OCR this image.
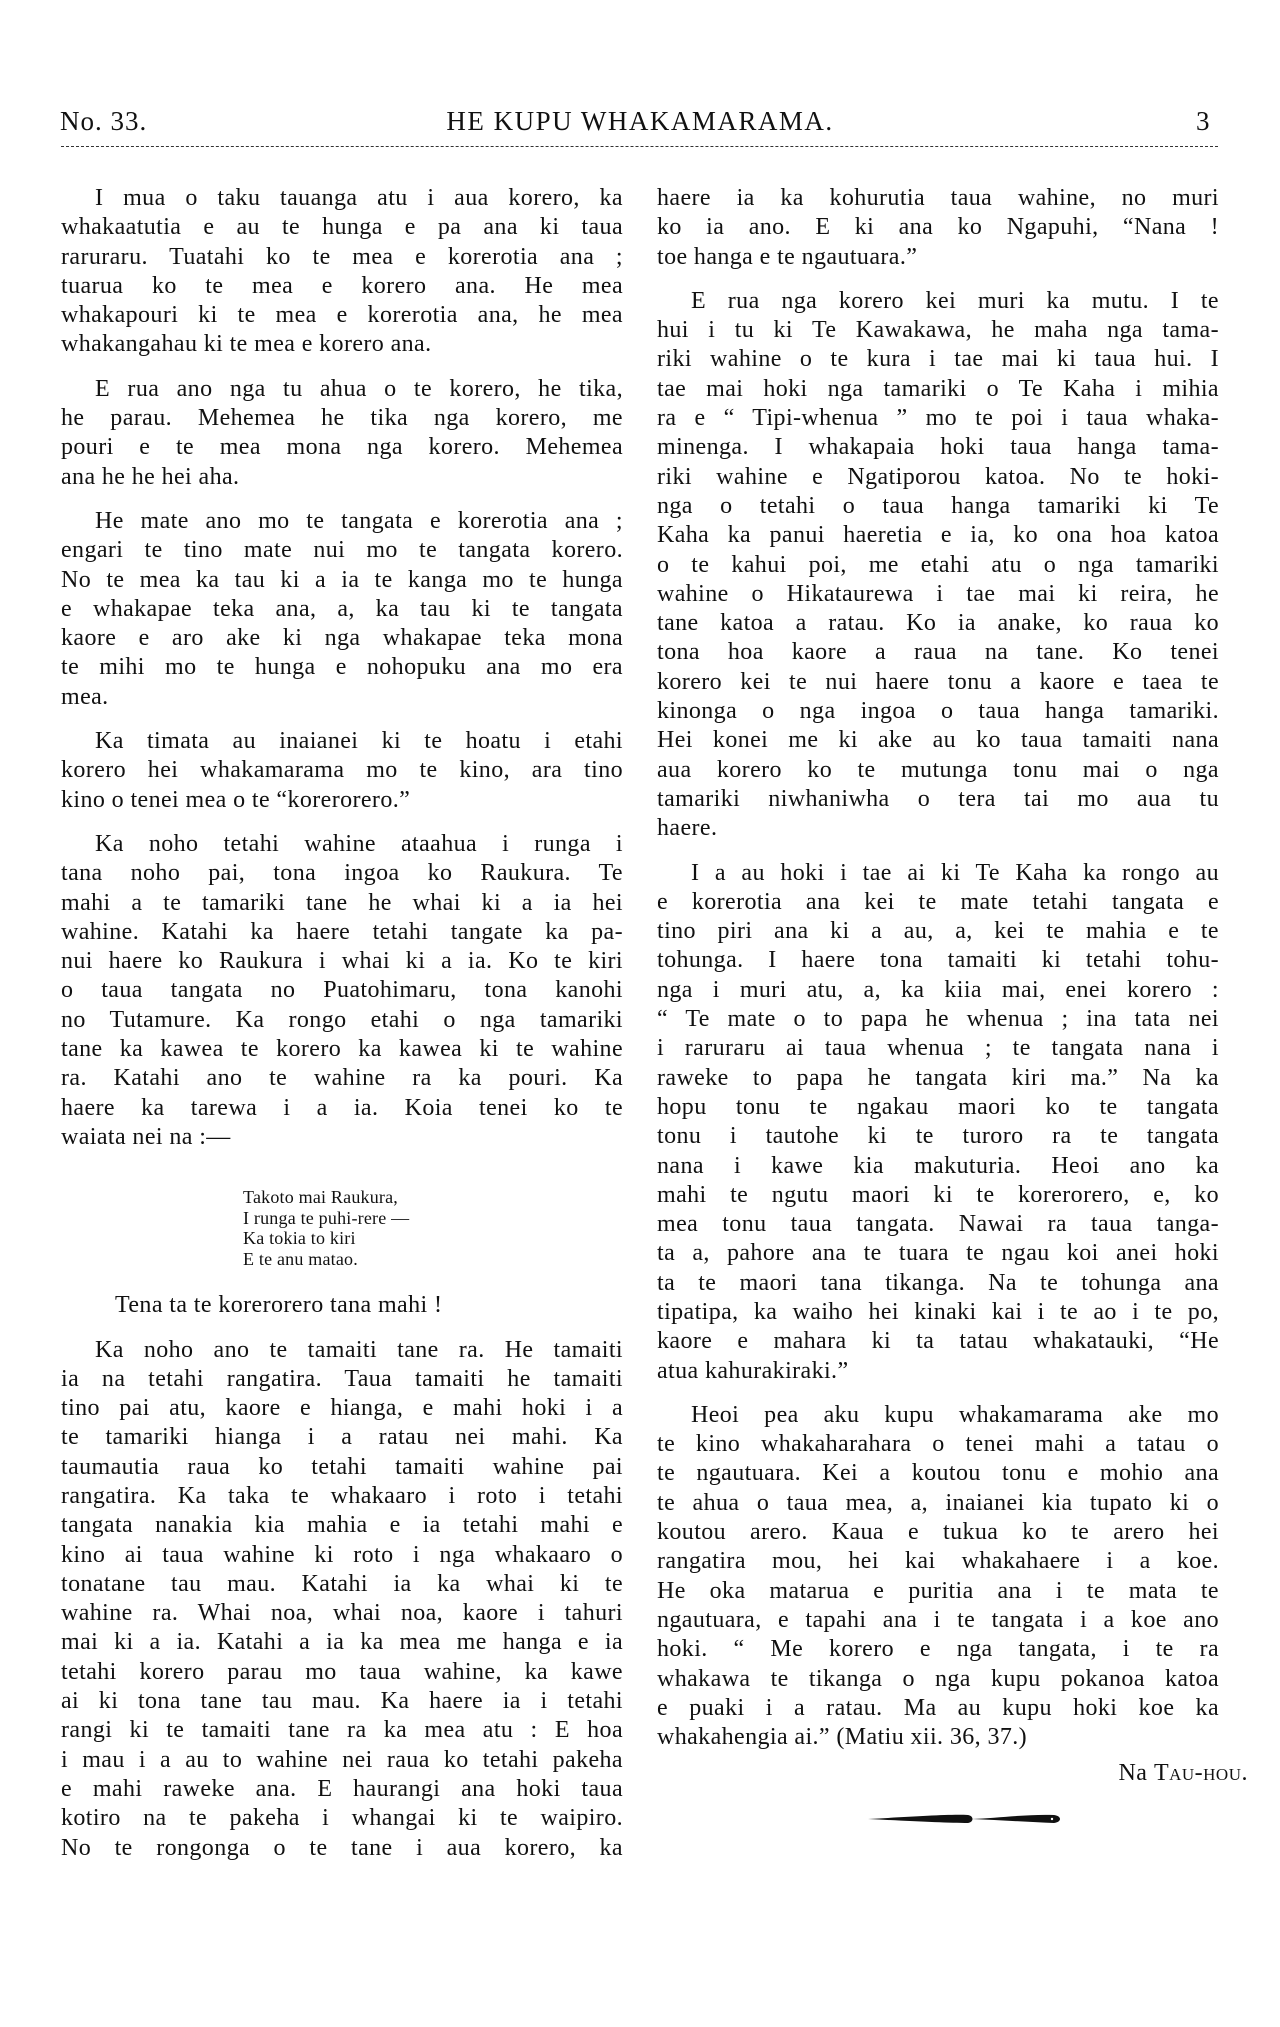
No. 33.	HE KUPU WHAKAMARAMA.	3
I mua o taku tauanga atu i aua korero, ka
whakaatutia e au te hunga e pa ana ki taua
raruraru. Tuatahi ko te mea e korerotia ana ;
tuarua ko te mea e korero ana. He mea
whakapouri ki te mea e korerotia ana, he mea
whakangahau ki te mea e korero ana.
E rua ano nga tu ahua o te korero, he tika,
he parau. Mehemea he tika nga korero, me
pouri e te mea mona nga korero. Mehemea
ana he he hei aha.
He mate ano mo te tangata e korerotia ana ;
engari te tino mate nui mo te tangata korero.
No te mea ka tau ki a ia te kanga mo te hunga
e whakapae teka ana, a, ka tau ki te tangata
kaore e aro ake ki nga whakapae teka mona
te mihi mo te hunga e nohopuku ana mo era
mea.
Ka timata au inaianei ki te hoatu i etahi
korero hei whakamarama mo te kino, ara tino
kino o tenei mea o te “korerorero.”
Ka noho tetahi wahine ataahua i runga i
tana noho pai, tona ingoa ko Raukura. Te
mahi a te tamariki tane he whai ki a ia hei
wahine. Katahi ka haere tetahi tangate ka pa-
nui haere ko Raukura i whai ki a ia. Ko te kiri
o taua tangata no Puatohimaru, tona kanohi
no Tutamure. Ka rongo etahi o nga tamariki
tane ka kawea te korero ka kawea ki te wahine
ra. Katahi ano te wahine ra ka pouri. Ka
haere ka tarewa i a ia. Koia tenei ko te
waiata nei na :—
Takoto mai Raukura,
I runga te puhi-rere —
Ka tokia to kiri
E te anu matao.
Tena ta te korerorero tana mahi !
Ka noho ano te tamaiti tane ra. He tamaiti
ia na tetahi rangatira. Taua tamaiti he tamaiti
tino pai atu, kaore e hianga, e mahi hoki i a
te tamariki hianga i a ratau nei mahi. Ka
taumautia raua ko tetahi tamaiti wahine pai
rangatira. Ka taka te whakaaro i roto i tetahi
tangata nanakia kia mahia e ia tetahi mahi e
kino ai taua wahine ki roto i nga whakaaro o
tonatane tau mau. Katahi ia ka whai ki te
wahine ra. Whai noa, whai noa, kaore i tahuri
mai ki a ia. Katahi a ia ka mea me hanga e ia
tetahi korero parau mo taua wahine, ka kawe
ai ki tona tane tau mau. Ka haere ia i tetahi
rangi ki te tamaiti tane ra ka mea atu : E hoa
i mau i a au to wahine nei raua ko tetahi pakeha
e mahi raweke ana. E haurangi ana hoki taua
kotiro na te pakeha i whangai ki te waipiro.
No te rongonga o te tane i aua korero, ka
haere ia ka kohurutia taua wahine, no muri
ko ia ano. E ki ana ko Ngapuhi, “Nana !
toe hanga e te ngautuara.”
E rua nga korero kei muri ka mutu. I te
hui i tu ki Te Kawakawa, he maha nga tama-
riki wahine o te kura i tae mai ki taua hui. I
tae mai hoki nga tamariki o Te Kaha i mihia
ra e “ Tipi-whenua ” mo te poi i taua whaka-
minenga. I whakapaia hoki taua hanga tama-
riki wahine e Ngatiporou katoa. No te hoki-
nga o tetahi o taua hanga tamariki ki Te
Kaha ka panui haeretia e ia, ko ona hoa katoa
o te kahui poi, me etahi atu o nga tamariki
wahine o Hikataurewa i tae mai ki reira, he
tane katoa a ratau. Ko ia anake, ko raua ko
tona hoa kaore a raua na tane. Ko tenei
korero kei te nui haere tonu a kaore e taea te
kinonga o nga ingoa o taua hanga tamariki.
Hei konei me ki ake au ko taua tamaiti nana
aua korero ko te mutunga tonu mai o nga
tamariki niwhaniwha o tera tai mo aua tu
haere.
I a au hoki i tae ai ki Te Kaha ka rongo au
e korerotia ana kei te mate tetahi tangata e
tino piri ana ki a au, a, kei te mahia e te
tohunga. I haere tona tamaiti ki tetahi tohu-
nga i muri atu, a, ka kiia mai, enei korero :
“ Te mate o to papa he whenua ; ina tata nei
i raruraru ai taua whenua ; te tangata nana i
raweke to papa he tangata kiri ma.” Na ka
hopu tonu te ngakau maori ko te tangata
tonu i tautohe ki te turoro ra te tangata
nana i kawe kia makuturia. Heoi ano ka
mahi te ngutu maori ki te korerorero, e, ko
mea tonu taua tangata. Nawai ra taua tanga-
ta a, pahore ana te tuara te ngau koi anei hoki
ta te maori tana tikanga. Na te tohunga ana
tipatipa, ka waiho hei kinaki kai i te ao i te po,
kaore e mahara ki ta tatau whakatauki, “He
atua kahurakiraki.”
Heoi pea aku kupu whakamarama ake mo
te kino whakaharahara o tenei mahi a tatau o
te ngautuara. Kei a koutou tonu e mohio ana
te ahua o taua mea, a, inaianei kia tupato ki o
koutou arero. Kaua e tukua ko te arero hei
rangatira mou, hei kai whakahaere i a koe.
He oka matarua e puritia ana i te mata te
ngautuara, e tapahi ana i te tangata i a koe ano
hoki. “ Me korero e nga tangata, i te ra
whakawa te tikanga o nga kupu pokanoa katoa
e puaki i a ratau. Ma au kupu hoki koe ka
whakahengia ai.” (Matiu xii. 36, 37.)
Na Tau-hou.
